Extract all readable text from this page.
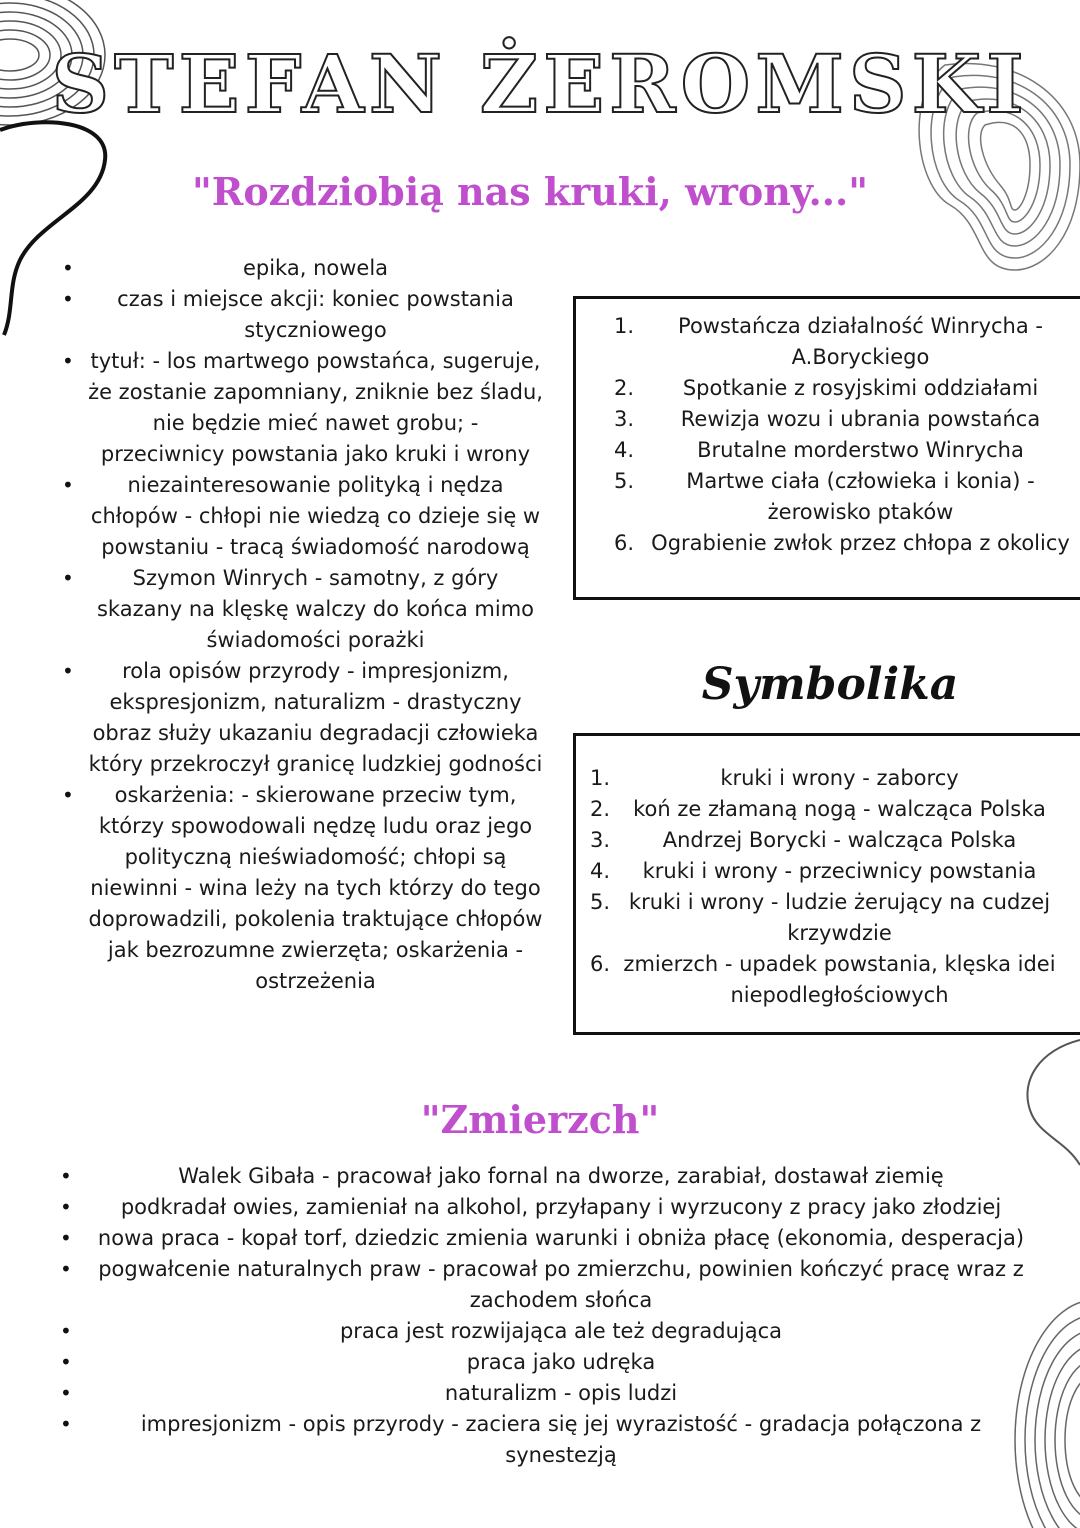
STEFAN ŻEROMSKI
"Rozdziobią nas kruki, wrony..."
• epika, nowela
• czas i miejsce akcji: koniec powstania styczniowego
• tytuł: - los martwego powstańca, sugeruje, że zostanie zapomniany, zniknie bez śladu, nie będzie mieć nawet grobu; - przeciwnicy powstania jako kruki i wrony
• niezainteresowanie polityką i nędza chłopów - chłopi nie wiedzą co dzieje się w powstaniu - tracą świadomość narodową
• Szymon Winrych - samotny, z góry skazany na klęskę walczy do końca mimo świadomości porażki
• rola opisów przyrody - impresjonizm, ekspresjonizm, naturalizm - drastyczny obraz służy ukazaniu degradacji człowieka który przekroczył granicę ludzkiej godności
• oskarżenia: - skierowane przeciw tym, którzy spowodowali nędzę ludu oraz jego polityczną nieświadomość; chłopi są niewinni - wina leży na tych którzy do tego doprowadzili, pokolenia traktujące chłopów jak bezrozumne zwierzęta; oskarżenia - ostrzeżenia
1.	Powstańcza działalność Winrycha - A.Boryckiego
2.	Spotkanie z rosyjskimi oddziałami
3.	Rewizja wozu i ubrania powstańca
4.	Brutalne morderstwo Winrycha
5.	Martwe ciała (człowieka i konia) - żerowisko ptaków
6. Ograbienie zwłok przez chłopa z okolicy
Symbolika
1.	kruki i wrony - zaborcy
2.	koń ze złamaną nogą - walcząca Polska
3.	Andrzej Borycki - walcząca Polska
4.	kruki i wrony - przeciwnicy powstania
5. kruki i wrony - ludzie żerujący na cudzej krzywdzie
6. zmierzch - upadek powstania, klęska idei niepodległościowych
"Zmierzch"
• Walek Gibała - pracował jako fornal na dworze, zarabiał, dostawał ziemię
• podkradał owies, zamieniał na alkohol, przyłapany i wyrzucony z pracy jako złodziej
• nowa praca - kopał torf, dziedzic zmienia warunki i obniża płacę (ekonomia, desperacja)
• pogwałcenie naturalnych praw - pracował po zmierzchu, powinien kończyć pracę wraz z zachodem słońca
• praca jest rozwijająca ale też degradująca
• praca jako udręka
• naturalizm - opis ludzi
• impresjonizm - opis przyrody - zaciera się jej wyrazistość - gradacja połączona z synestezją
